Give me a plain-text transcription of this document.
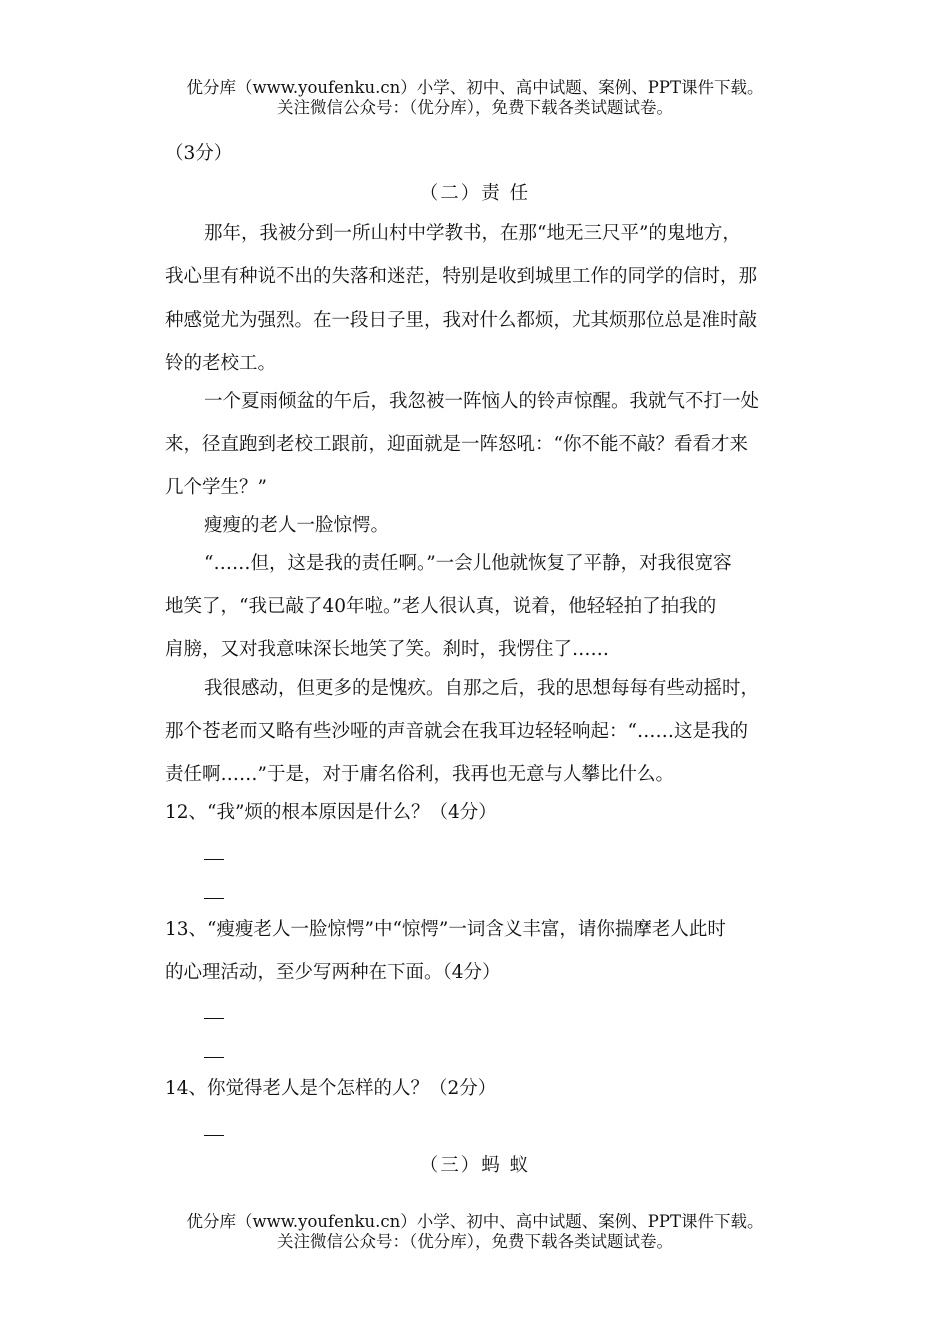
优分库（www.youfenku.cn）小学、初中、高中试题、案例、PPT课件下载。
关注微信公众号：（优分库），免费下载各类试题试卷。
（3分）
（二）责 任
那年，我被分到一所山村中学教书，在那“地无三尺平”的鬼地方，
我心里有种说不出的失落和迷茫，特别是收到城里工作的同学的信时，那
种感觉尤为强烈。在一段日子里，我对什么都烦，尤其烦那位总是准时敲
铃的老校工。
一个夏雨倾盆的午后，我忽被一阵恼人的铃声惊醒。我就气不打一处
来，径直跑到老校工跟前，迎面就是一阵怒吼：“你不能不敲？看看才来
几个学生？”
瘦瘦的老人一脸惊愕。
“……但，这是我的责任啊。”一会儿他就恢复了平静，对我很宽容
地笑了，“我已敲了40年啦。”老人很认真，说着，他轻轻拍了拍我的
肩膀，又对我意味深长地笑了笑。刹时，我愣住了……
我很感动，但更多的是愧疚。自那之后，我的思想每每有些动摇时，
那个苍老而又略有些沙哑的声音就会在我耳边轻轻响起：“……这是我的
责任啊……”于是，对于庸名俗利，我再也无意与人攀比什么。
12、“我”烦的根本原因是什么？（4分）
13、“瘦瘦老人一脸惊愕”中“惊愕”一词含义丰富，请你揣摩老人此时
的心理活动，至少写两种在下面。（4分）
14、你觉得老人是个怎样的人？（2分）
（三）蚂 蚁
优分库（www.youfenku.cn）小学、初中、高中试题、案例、PPT课件下载。
关注微信公众号：（优分库），免费下载各类试题试卷。
